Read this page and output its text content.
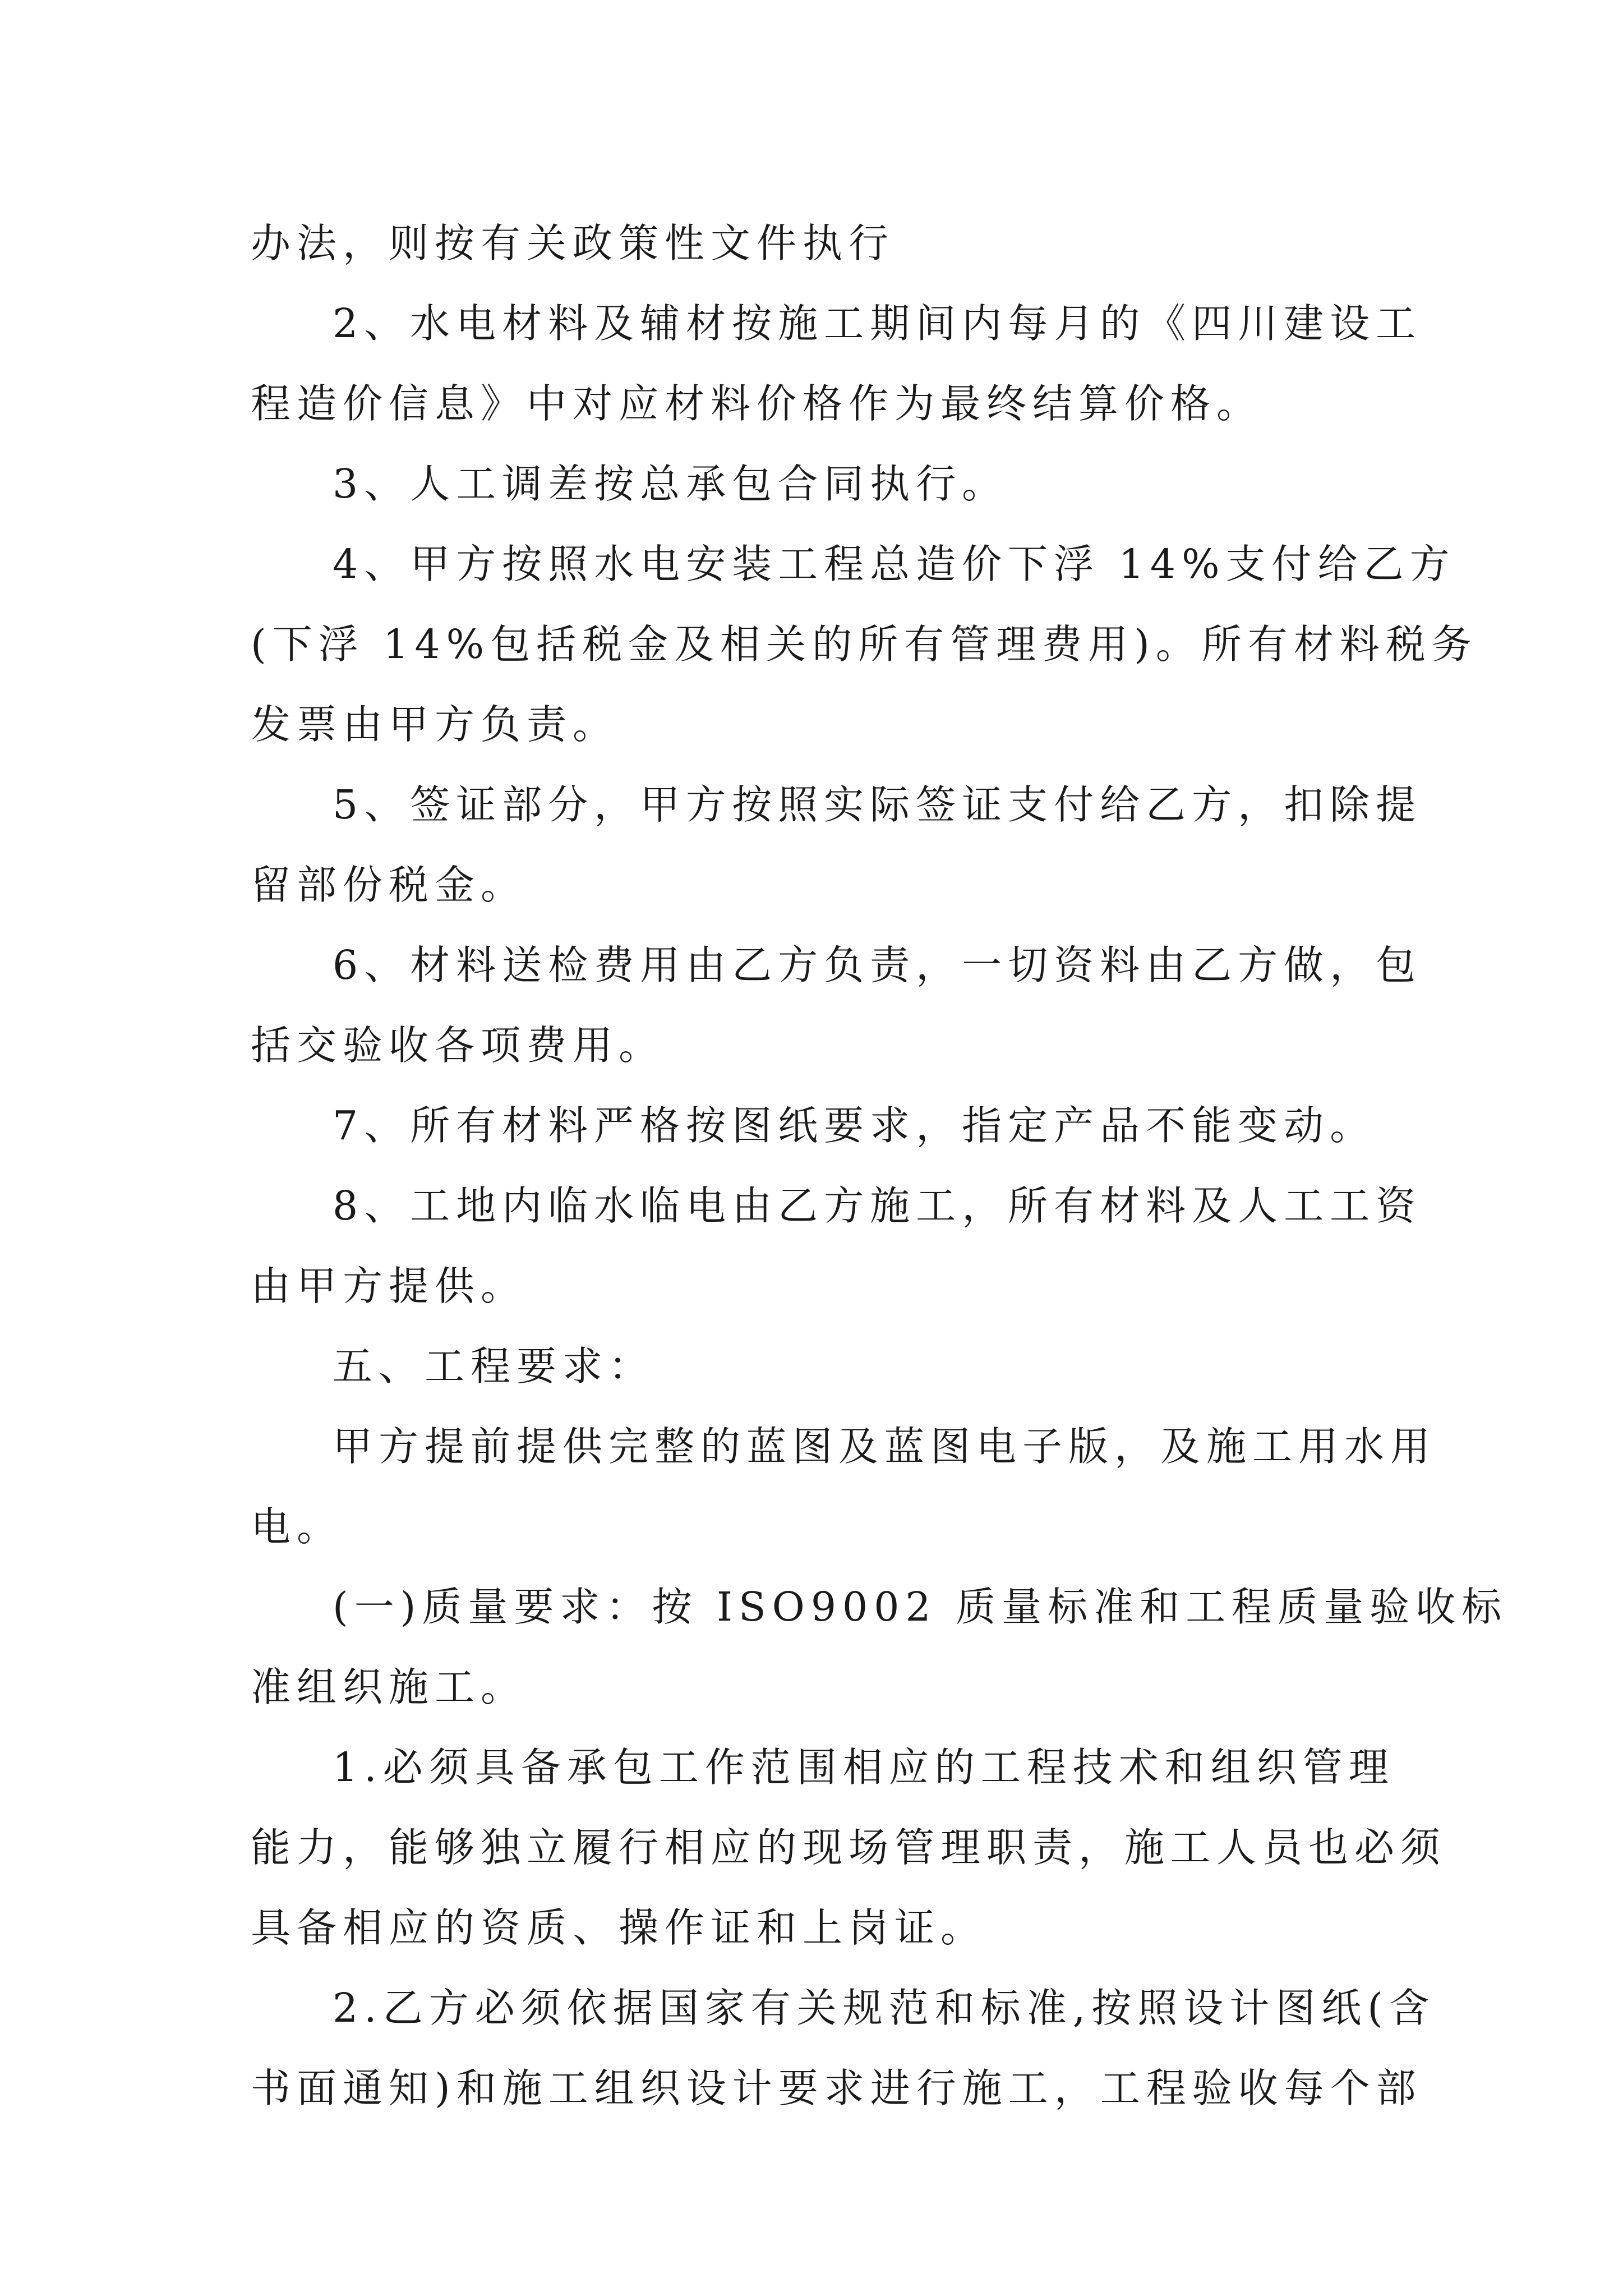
办法，则按有关政策性文件执行
2、水电材料及辅材按施工期间内每月的《四川建设工
程造价信息》中对应材料价格作为最终结算价格。
3、人工调差按总承包合同执行。
4、甲方按照水电安装工程总造价下浮 14%支付给乙方
(下浮 14%包括税金及相关的所有管理费用)。所有材料税务
发票由甲方负责。
5、签证部分，甲方按照实际签证支付给乙方，扣除提
留部份税金。
6、材料送检费用由乙方负责，一切资料由乙方做，包
括交验收各项费用。
7、所有材料严格按图纸要求，指定产品不能变动。
8、工地内临水临电由乙方施工，所有材料及人工工资
由甲方提供。
五、工程要求：
甲方提前提供完整的蓝图及蓝图电子版，及施工用水用
电。
(一)质量要求：按 ISO9002 质量标准和工程质量验收标
准组织施工。
1.必须具备承包工作范围相应的工程技术和组织管理
能力，能够独立履行相应的现场管理职责，施工人员也必须
具备相应的资质、操作证和上岗证。
2.乙方必须依据国家有关规范和标准,按照设计图纸(含
书面通知)和施工组织设计要求进行施工，工程验收每个部
